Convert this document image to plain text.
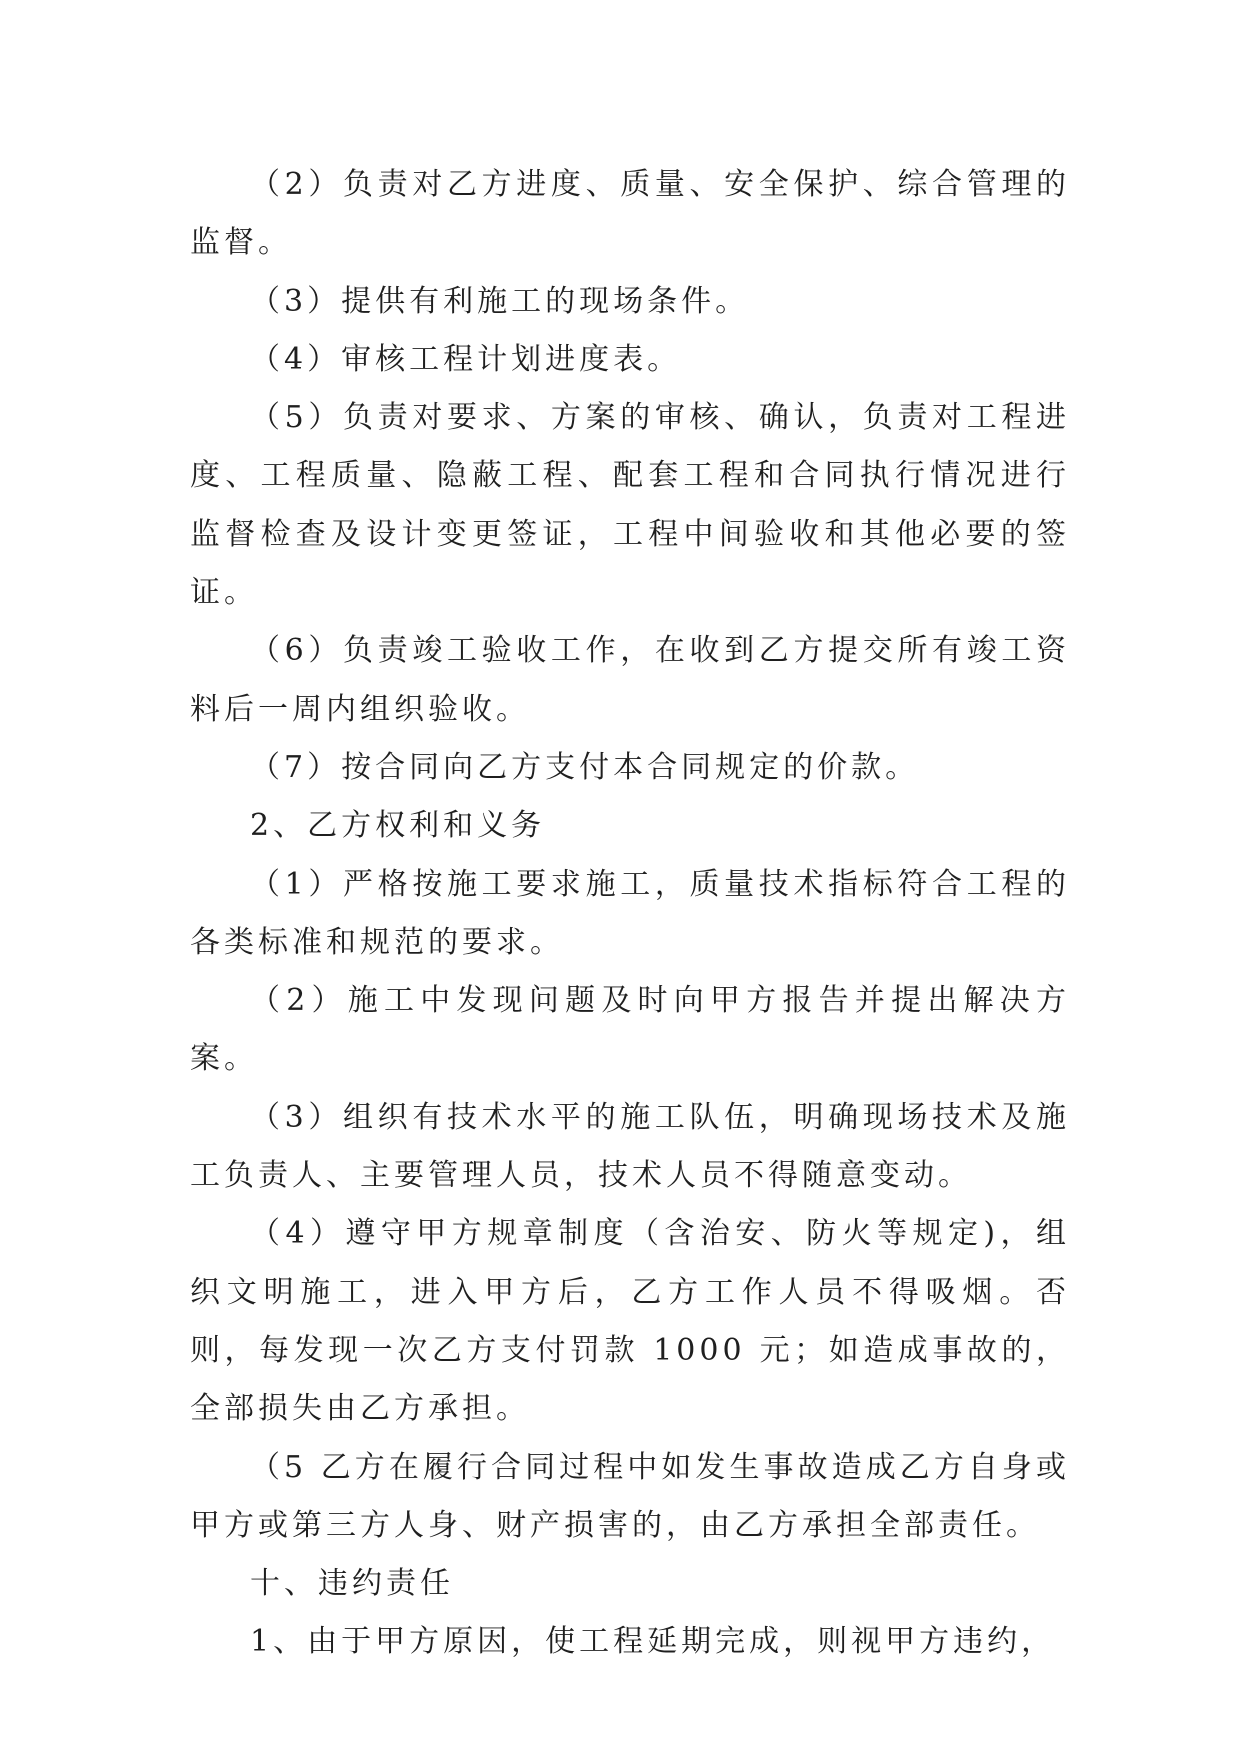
（2）负责对乙方进度、质量、安全保护、综合管理的监督。

（3）提供有利施工的现场条件。

（4）审核工程计划进度表。

（5）负责对要求、方案的审核、确认，负责对工程进度、工程质量、隐蔽工程、配套工程和合同执行情况进行监督检查及设计变更签证，工程中间验收和其他必要的签证。

（6）负责竣工验收工作，在收到乙方提交所有竣工资料后一周内组织验收。

（7）按合同向乙方支付本合同规定的价款。

2、乙方权利和义务

（1）严格按施工要求施工，质量技术指标符合工程的各类标准和规范的要求。

（2）施工中发现问题及时向甲方报告并提出解决方案。

（3）组织有技术水平的施工队伍，明确现场技术及施工负责人、主要管理人员，技术人员不得随意变动。

（4）遵守甲方规章制度（含治安、防火等规定)，组织文明施工，进入甲方后，乙方工作人员不得吸烟。否则，每发现一次乙方支付罚款 1000 元；如造成事故的，全部损失由乙方承担。

（5 乙方在履行合同过程中如发生事故造成乙方自身或甲方或第三方人身、财产损害的，由乙方承担全部责任。

十、违约责任

1、由于甲方原因，使工程延期完成，则视甲方违约，
